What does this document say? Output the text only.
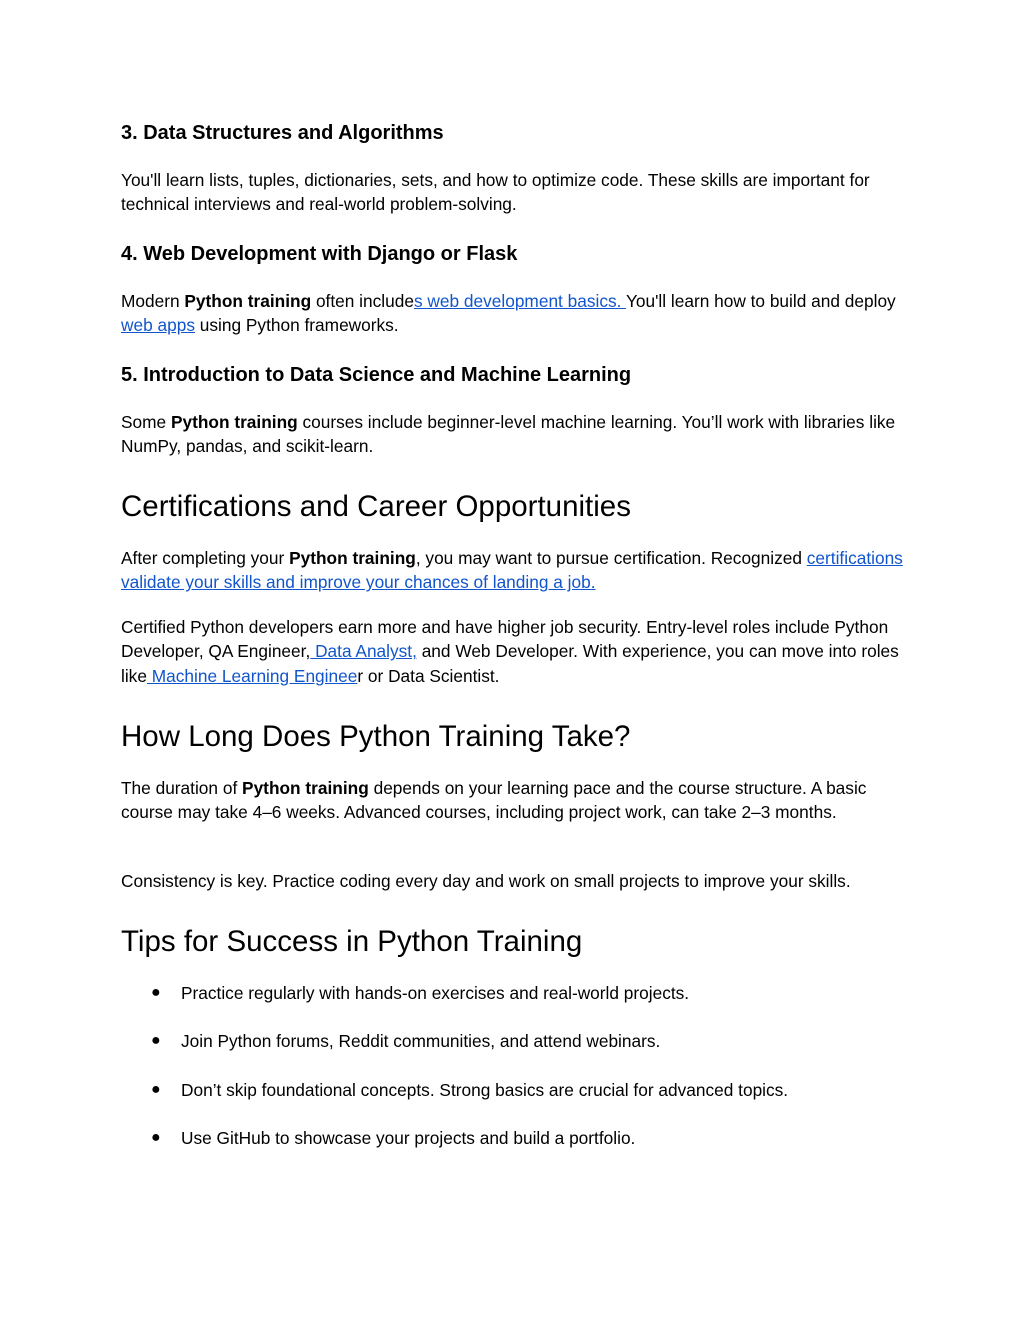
3. Data Structures and Algorithms

You'll learn lists, tuples, dictionaries, sets, and how to optimize code. These skills are important for technical interviews and real-world problem-solving.

4. Web Development with Django or Flask

Modern Python training often includes web development basics. You'll learn how to build and deploy web apps using Python frameworks.

5. Introduction to Data Science and Machine Learning

Some Python training courses include beginner-level machine learning. You’ll work with libraries like NumPy, pandas, and scikit-learn.

Certifications and Career Opportunities

After completing your Python training, you may want to pursue certification. Recognized certifications validate your skills and improve your chances of landing a job.

Certified Python developers earn more and have higher job security. Entry-level roles include Python Developer, QA Engineer, Data Analyst, and Web Developer. With experience, you can move into roles like Machine Learning Engineer or Data Scientist.

How Long Does Python Training Take?

The duration of Python training depends on your learning pace and the course structure. A basic course may take 4–6 weeks. Advanced courses, including project work, can take 2–3 months.

Consistency is key. Practice coding every day and work on small projects to improve your skills.

Tips for Success in Python Training
● Practice regularly with hands-on exercises and real-world projects.
● Join Python forums, Reddit communities, and attend webinars.
● Don’t skip foundational concepts. Strong basics are crucial for advanced topics.
● Use GitHub to showcase your projects and build a portfolio.
